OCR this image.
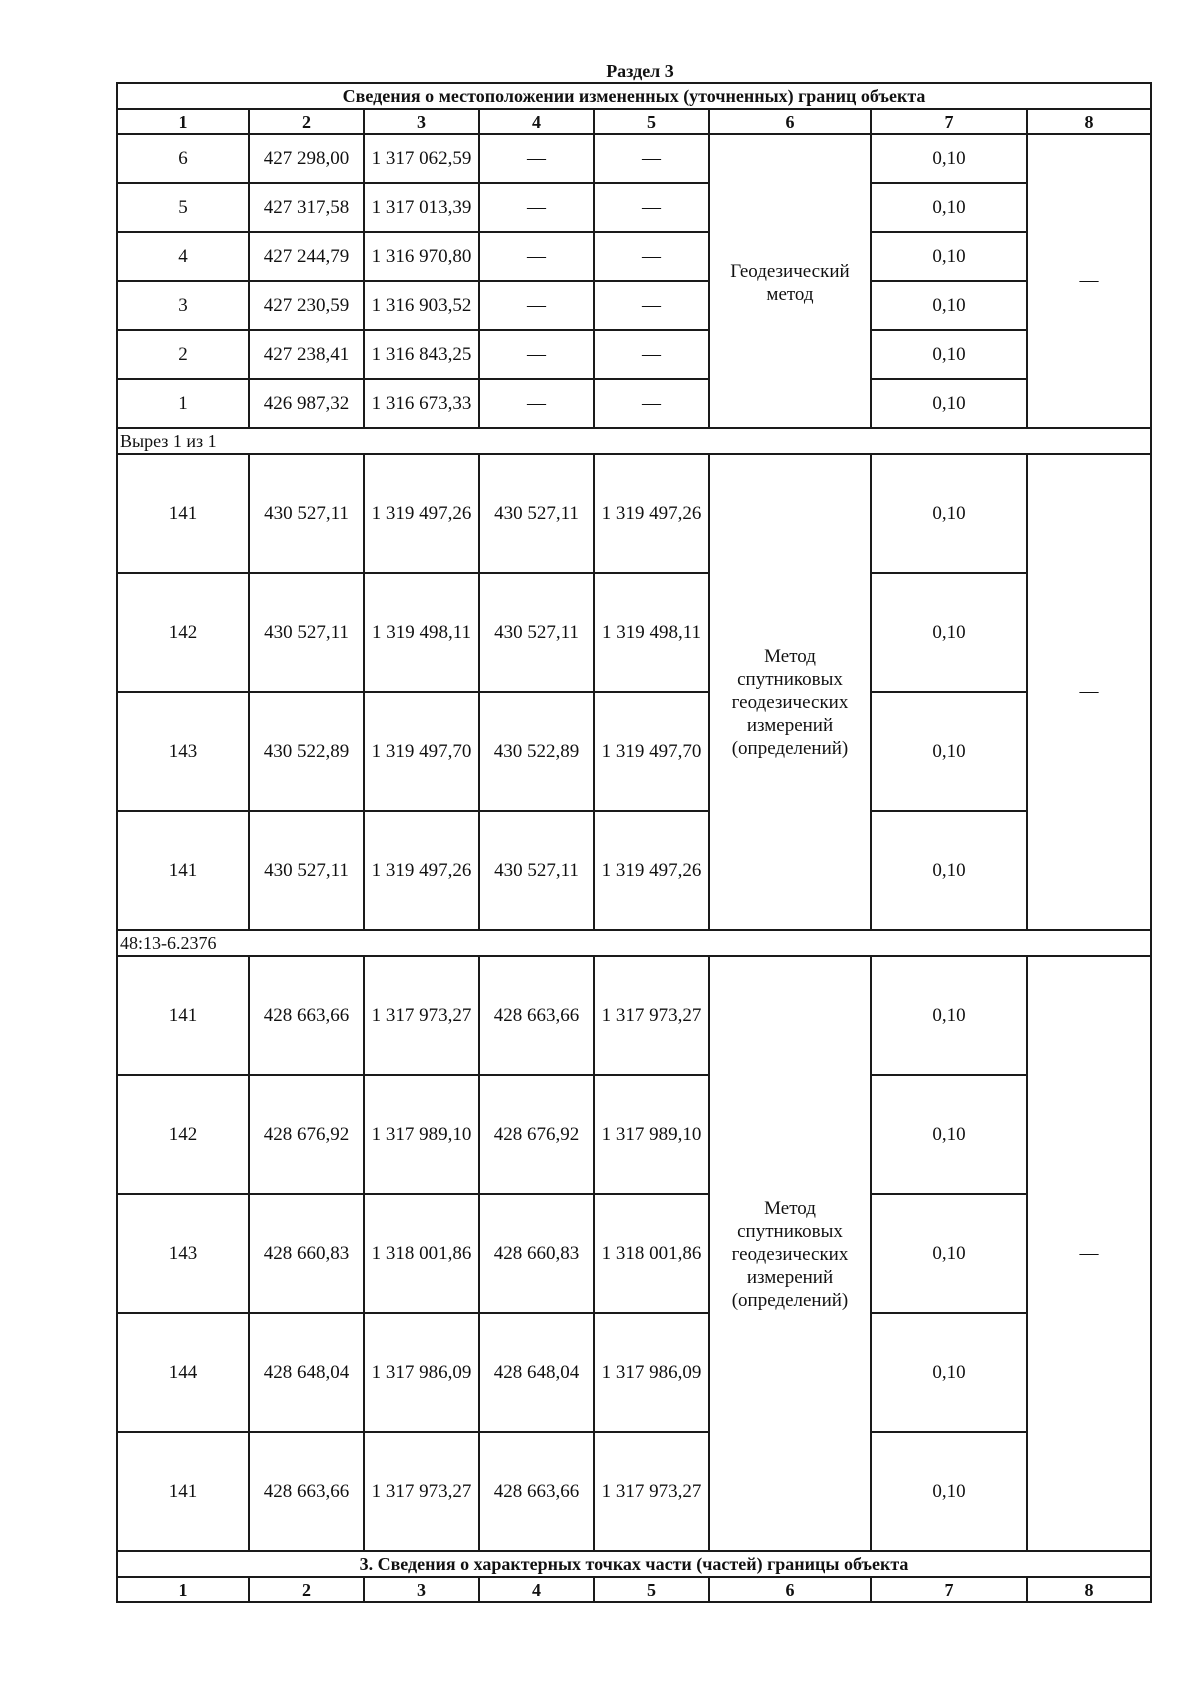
Раздел 3
Сведения о местоположении измененных (уточненных) границ объекта							
1	2	3	4	5	6	7	8
6	427 298,00	1 317 062,59	—	—	Геодезический метод	0,10	—
5	427 317,58	1 317 013,39	—	—		0,10	
4	427 244,79	1 316 970,80	—	—		0,10	
3	427 230,59	1 316 903,52	—	—		0,10	
2	427 238,41	1 316 843,25	—	—		0,10	
1	426 987,32	1 316 673,33	—	—		0,10	
Вырез 1 из 1							
141	430 527,11	1 319 497,26	430 527,11	1 319 497,26	Метод спутниковых геодезических измерений (определений)	0,10	—
142	430 527,11	1 319 498,11	430 527,11	1 319 498,11		0,10	
143	430 522,89	1 319 497,70	430 522,89	1 319 497,70		0,10	
141	430 527,11	1 319 497,26	430 527,11	1 319 497,26		0,10	
48:13-6.2376							
141	428 663,66	1 317 973,27	428 663,66	1 317 973,27	Метод спутниковых геодезических измерений (определений)	0,10	—
142	428 676,92	1 317 989,10	428 676,92	1 317 989,10		0,10	
143	428 660,83	1 318 001,86	428 660,83	1 318 001,86		0,10	
144	428 648,04	1 317 986,09	428 648,04	1 317 986,09		0,10	
141	428 663,66	1 317 973,27	428 663,66	1 317 973,27		0,10	
3. Сведения о характерных точках части (частей) границы объекта							
1	2	3	4	5	6	7	8
